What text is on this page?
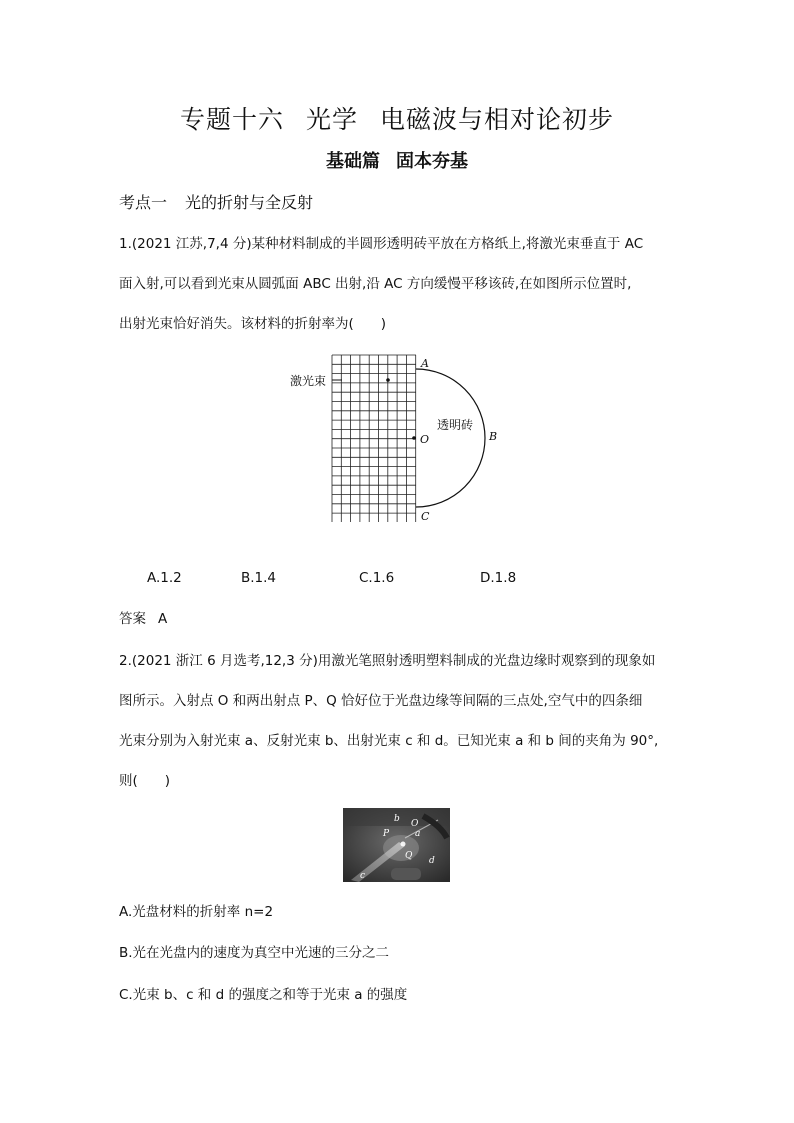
专题十六 光学 电磁波与相对论初步
基础篇 固本夯基
考点一 光的折射与全反射
1.(2021 江苏,7,4 分)某种材料制成的半圆形透明砖平放在方格纸上,将激光束垂直于 AC
面入射,可以看到光束从圆弧面 ABC 出射,沿 AC 方向缓慢平移该砖,在如图所示位置时,
出射光束恰好消失。该材料的折射率为(　　)
激光束
透明砖
A
B
C
O
A.1.2	B.1.4	C.1.6	D.1.8
答案 A
2.(2021 浙江 6 月选考,12,3 分)用激光笔照射透明塑料制成的光盘边缘时观察到的现象如
图所示。入射点 O 和两出射点 P、Q 恰好位于光盘边缘等间隔的三点处,空气中的四条细
光束分别为入射光束 a、反射光束 b、出射光束 c 和 d。已知光束 a 和 b 间的夹角为 90°,
则(　　)
b O
a
P
Q d
c
A.光盘材料的折射率 n=2
B.光在光盘内的速度为真空中光速的三分之二
C.光束 b、c 和 d 的强度之和等于光束 a 的强度
